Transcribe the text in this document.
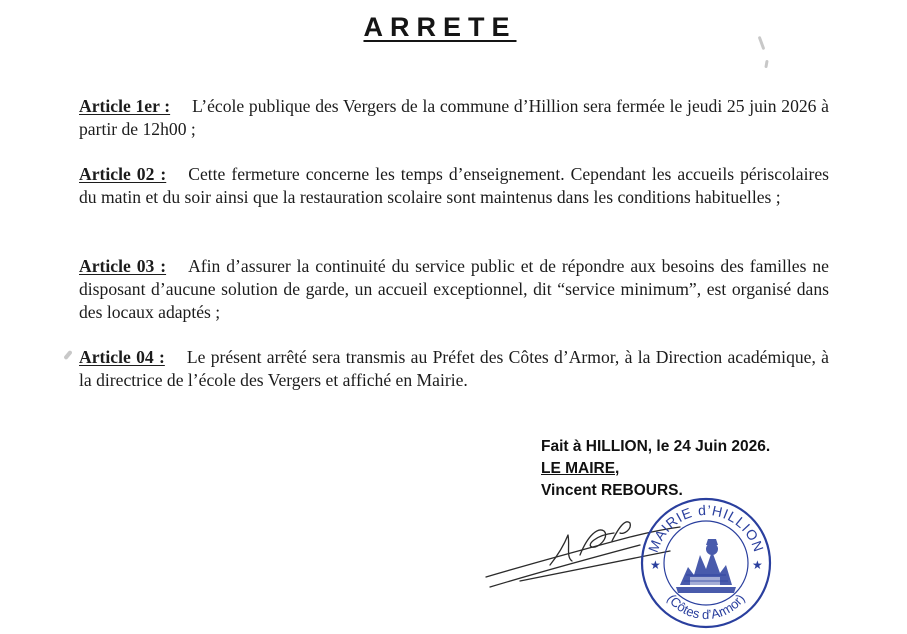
ARRETE
Article 1er : L’école publique des Vergers de la commune d’Hillion sera fermée le jeudi 25 juin 2026 à partir de 12h00 ;
Article 02 : Cette fermeture concerne les temps d’enseignement. Cependant les accueils périscolaires du matin et du soir ainsi que la restauration scolaire sont maintenus dans les conditions habituelles ;
Article 03 : Afin d’assurer la continuité du service public et de répondre aux besoins des familles ne disposant d’aucune solution de garde, un accueil exceptionnel, dit “service minimum”, est organisé dans des locaux adaptés ;
Article 04 : Le présent arrêté sera transmis au Préfet des Côtes d’Armor, à la Direction académique, à la directrice de l’école des Vergers et affiché en Mairie.
Fait à HILLION, le 24 Juin 2026.
LE MAIRE,
Vincent REBOURS.
MAIRIE d’HILLION
(Côtes d’Armor)
★	★
